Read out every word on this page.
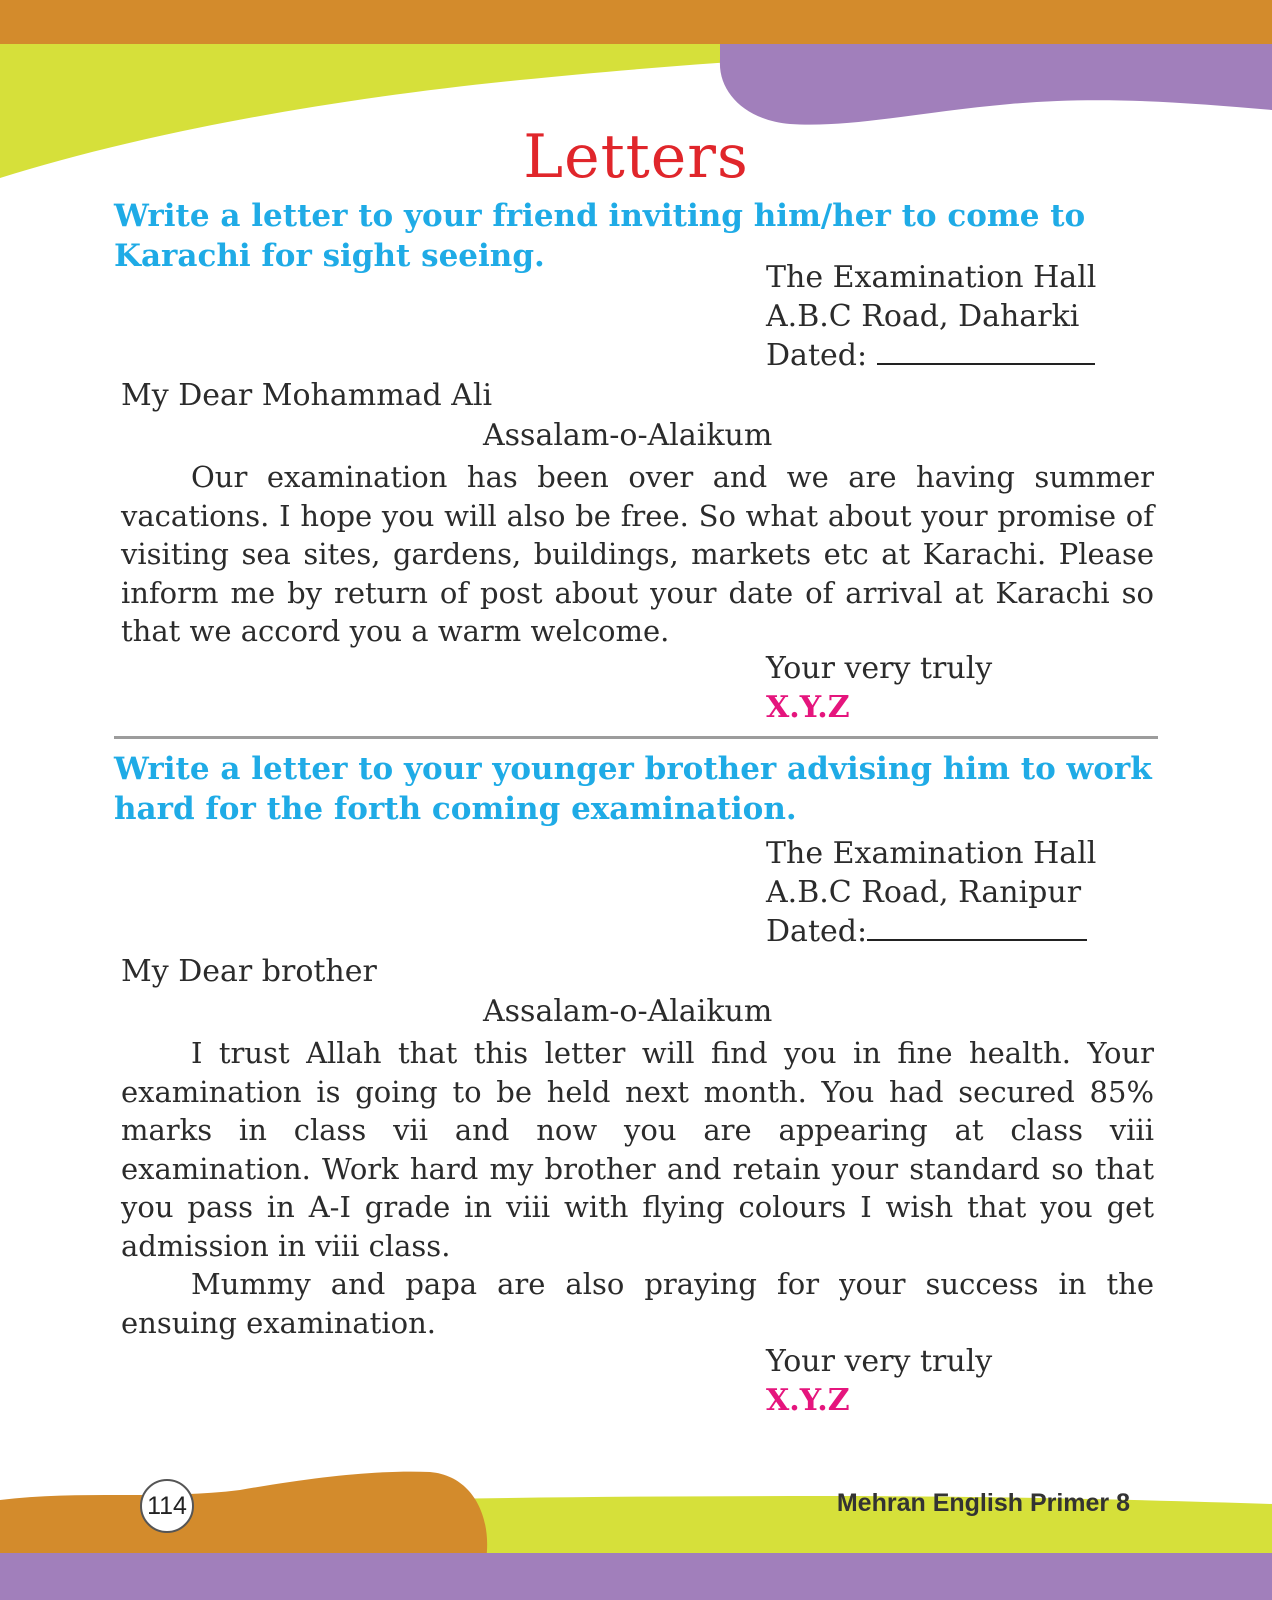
Letters
Write a letter to your friend inviting him/her to come to Karachi for sight seeing.
The Examination Hall
A.B.C Road, Daharki
Dated:
My Dear Mohammad Ali
Assalam-o-Alaikum

Our examination has been over and we are having summer vacations. I hope you will also be free. So what about your promise of visiting sea sites, gardens, buildings, markets etc at Karachi. Please inform me by return of post about your date of arrival at Karachi so that we accord you a warm welcome.

Your very truly
X.Y.Z
Write a letter to your younger brother advising him to work hard for the forth coming examination.
The Examination Hall
A.B.C Road, Ranipur
Dated:
My Dear brother
Assalam-o-Alaikum

I trust Allah that this letter will find you in fine health. Your examination is going to be held next month. You had secured 85% marks in class vii and now you are appearing at class viii examination. Work hard my brother and retain your standard so that you pass in A-I grade in viii with flying colours I wish that you get admission in viii class.

Mummy and papa are also praying for your success in the ensuing examination.

Your very truly
X.Y.Z
114	Mehran English Primer 8
